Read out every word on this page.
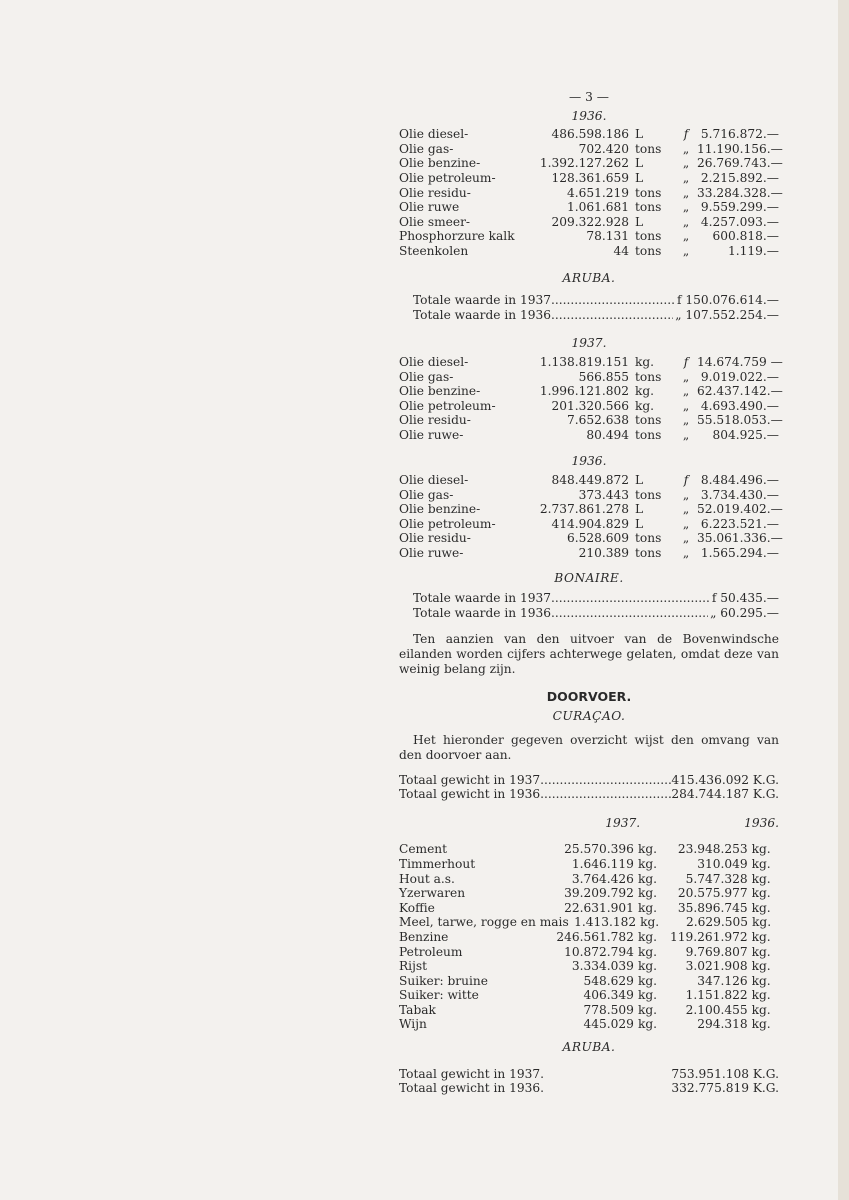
— 3 —
1936.
Olie diesel-	486.598.186 L	f	5.716.872.—
Olie gas-	702.420 tons	„ 11.190.156.—
Olie benzine-	1.392.127.262 L	„ 26.769.743.—
Olie petroleum-	128.361.659 L	„ 2.215.892.—
Olie residu-	4.651.219 tons	„ 33.284.328.—
Olie ruwe	1.061.681 tons	„ 9.559.299.—
Olie smeer-	209.322.928 L	„ 4.257.093.—
Phosphorzure kalk	78.131 tons	„	600.818.—
Steenkolen	44 tons	„	1.119.—
ARUBA.
Totale waarde in 1937 .....	f 150.076.614.—
Totale waarde in 1936 .....	„ 107.552.254.—
1937.
Olie diesel-	1.138.819.151 kg.	f 14.674.759 —
Olie gas-	566.855 tons	„ 9.019.022.—
Olie benzine-	1.996.121.802 kg.	„ 62.437.142.—
Olie petroleum-	201.320.566 kg.	„ 4.693.490.—
Olie residu-	7.652.638 tons	„ 55.518.053.—
Olie ruwe-	80.494 tons	„	804.925.—
1936.
Olie diesel-	848.449.872 L	f	8.484.496.—
Olie gas-	373.443 tons	„ 3.734.430.—
Olie benzine-	2.737.861.278 L	„ 52.019.402.—
Olie petroleum-	414.904.829 L	„ 6.223.521.—
Olie residu-	6.528.609 tons	„ 35.061.336.—
Olie ruwe-	210.389 tons	„ 1.565.294.—
BONAIRE.
Totale waarde in 1937 .....	f 50.435.—
Totale waarde in 1936 .....	„ 60.295.—

Ten aanzien van den uitvoer van de Bovenwindsche eilanden worden cijfers achterwege gelaten, omdat deze van weinig belang zijn.

DOORVOER.
CURAÇAO.

Het hieronder gegeven overzicht wijst den omvang van den doorvoer aan.

Totaal gewicht in 1937 .....	415.436.092 K.G.
Totaal gewicht in 1936 .....	284.744.187 K.G.
1937.	1936.
Cement	25.570.396 kg.	23.948.253 kg.
Timmerhout	1.646.119 kg.	310.049 kg.
Hout a.s.	3.764.426 kg.	5.747.328 kg.
Yzerwaren	39.209.792 kg.	20.575.977 kg.
Koffie	22.631.901 kg.	35.896.745 kg.
Meel, tarwe, rogge en mais 1.413.182 kg.	2.629.505 kg.
Benzine	246.561.782 kg.	119.261.972 kg.
Petroleum	10.872.794 kg.	9.769.807 kg.
Rijst	3.334.039 kg.	3.021.908 kg.
Suiker: bruine	548.629 kg.	347.126 kg.
Suiker: witte	406.349 kg.	1.151.822 kg.
Tabak	778.509 kg.	2.100.455 kg.
Wijn	445.029 kg.	294.318 kg.
ARUBA.
Totaal gewicht in 1937.	753.951.108 K.G.
Totaal gewicht in 1936.	332.775.819 K.G.
